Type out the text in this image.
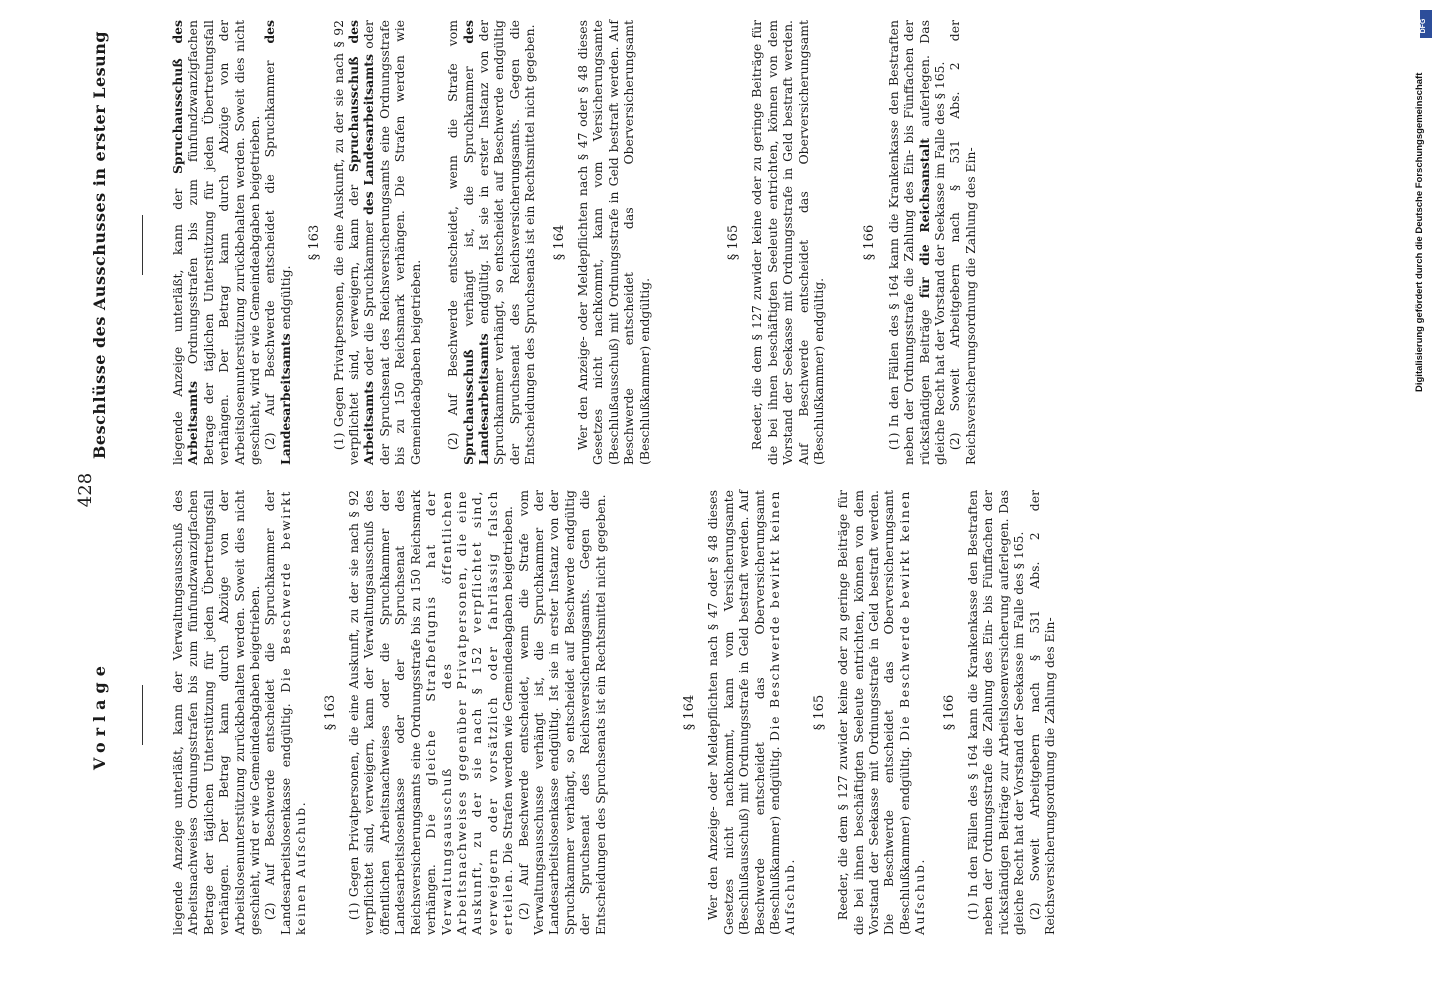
Vorlage
428
Beschlüsse des Ausschusses in erster Lesung

liegende Anzeige unterläßt, kann der Verwaltungsausschuß des Arbeitsnachweises Ordnungsstrafen bis zum fünfundzwanzigfachen Betrage der täglichen Unterstützung für jeden Übertretungsfall verhängen. Der Betrag kann durch Abzüge von der Arbeitslosenunterstützung zurückbehalten werden. Soweit dies nicht geschieht, wird er wie Gemeindeabgaben beigetrieben. (2) Auf Beschwerde entscheidet die Spruchkammer der Landesarbeitslosenkasse endgültig. Die Beschwerde bewirkt keinen Aufschub.

§ 163 (1) Gegen Privatpersonen, die eine Auskunft, zu der sie nach § 92 verpflichtet sind, verweigern, kann der Verwaltungsausschuß des öffentlichen Arbeitsnachweises oder die Spruchkammer der Landesarbeitslosenkasse oder der Spruchsenat des Reichsversicherungsamts eine Ordnungsstrafe bis zu 150 Reichsmark verhängen. Die gleiche Strafbefugnis hat der Verwaltungsausschuß des öffentlichen Arbeitsnachweises gegenüber Privatpersonen, die eine Auskunft, zu der sie nach § 152 verpflichtet sind, verweigern oder vorsätzlich oder fahrlässig falsch erteilen. Die Strafen werden wie Gemeindeabgaben beigetrieben. (2) Auf Beschwerde entscheidet, wenn die Strafe vom Verwaltungsausschusse verhängt ist, die Spruchkammer der Landesarbeitslosenkasse endgültig. Ist sie in erster Instanz von der Spruchkammer verhängt, so entscheidet auf Beschwerde endgültig der Spruchsenat des Reichsversicherungsamts. Gegen die Entscheidungen des Spruchsenats ist ein Rechtsmittel nicht gegeben.	§ 164 Wer den Anzeige- oder Meldepflichten nach § 47 oder § 48 dieses Gesetzes nicht nachkommt, kann vom Versicherungsamte (Beschlußausschuß) mit Ordnungsstrafe in Geld bestraft werden. Auf Beschwerde entscheidet das Oberversicherungsamt (Beschlußkammer) endgültig. Die Beschwerde bewirkt keinen Aufschub.

§ 165 Reeder, die dem § 127 zuwider keine oder zu geringe Beiträge für die bei ihnen beschäftigten Seeleute entrichten, können von dem Vorstand der Seekasse mit Ordnungsstrafe in Geld bestraft werden. Die Beschwerde entscheidet das Oberversicherungsamt (Beschlußkammer) endgültig. Die Beschwerde bewirkt keinen Aufschub.

§ 166 (1) In den Fällen des § 164 kann die Krankenkasse den Bestraften neben der Ordnungsstrafe die Zahlung des Ein- bis Fünffachen der rückständigen Beiträge zur Arbeitslosenversicherung auferlegen. Das gleiche Recht hat der Vorstand der Seekasse im Falle des § 165. (2) Soweit Arbeitgebern nach § 531 Abs. 2 der Reichsversicherungsordnung die Zahlung des Ein-

liegende Anzeige unterläßt, kann der Spruchausschuß des Arbeitsamts Ordnungsstrafen bis zum fünfundzwanzigfachen Betrage der täglichen Unterstützung für jeden Übertretungsfall verhängen. Der Betrag kann durch Abzüge von der Arbeitslosenunterstützung zurückbehalten werden. Soweit dies nicht geschieht, wird er wie Gemeindeabgaben beigetrieben. (2) Auf Beschwerde entscheidet die Spruchkammer des Landesarbeitsamts endgültig.

§ 163 (1) Gegen Privatpersonen, die eine Auskunft, zu der sie nach § 92 verpflichtet sind, verweigern, kann der Spruchausschuß des Arbeitsamts oder die Spruchkammer des Landesarbeitsamts oder der Spruchsenat des Reichsversicherungsamts eine Ordnungsstrafe bis zu 150 Reichsmark verhängen. Die Strafen werden wie Gemeindeabgaben beigetrieben. (2) Auf Beschwerde entscheidet, wenn die Strafe vom Spruchausschuß verhängt ist, die Spruchkammer des Landesarbeitsamts endgültig. Ist sie in erster Instanz von der Spruchkammer verhängt, so entscheidet auf Beschwerde endgültig der Spruchsenat des Reichsversicherungsamts. Gegen die Entscheidungen des Spruchsenats ist ein Rechtsmittel nicht gegeben. § 164 Wer den Anzeige- oder Meldepflichten nach § 47 oder § 48 dieses Gesetzes nicht nachkommt, kann vom Versicherungsamte (Beschlußausschuß) mit Ordnungsstrafe in Geld bestraft werden. Auf Beschwerde entscheidet das Oberversicherungsamt (Beschlußkammer) endgültig.

§ 165 Reeder, die dem § 127 zuwider keine oder zu geringe Beiträge für die bei ihnen beschäftigten Seeleute entrichten, können von dem Vorstand der Seekasse mit Ordnungsstrafe in Geld bestraft werden. Auf Beschwerde entscheidet das Oberversicherungsamt (Beschlußkammer) endgültig.

§ 166 (1) In den Fällen des § 164 kann die Krankenkasse den Bestraften neben der Ordnungsstrafe die Zahlung des Ein- bis Fünffachen der rückständigen Beiträge für die Reichsanstalt auferlegen. Das gleiche Recht hat der Vorstand der Seekasse im Falle des § 165. (2) Soweit Arbeitgebern nach § 531 Abs. 2 der Reichsversicherungsordnung die Zahlung des Ein-	Digitalisierung gefördert durch die Deutsche Forschungsgemeinschaft
DFG
